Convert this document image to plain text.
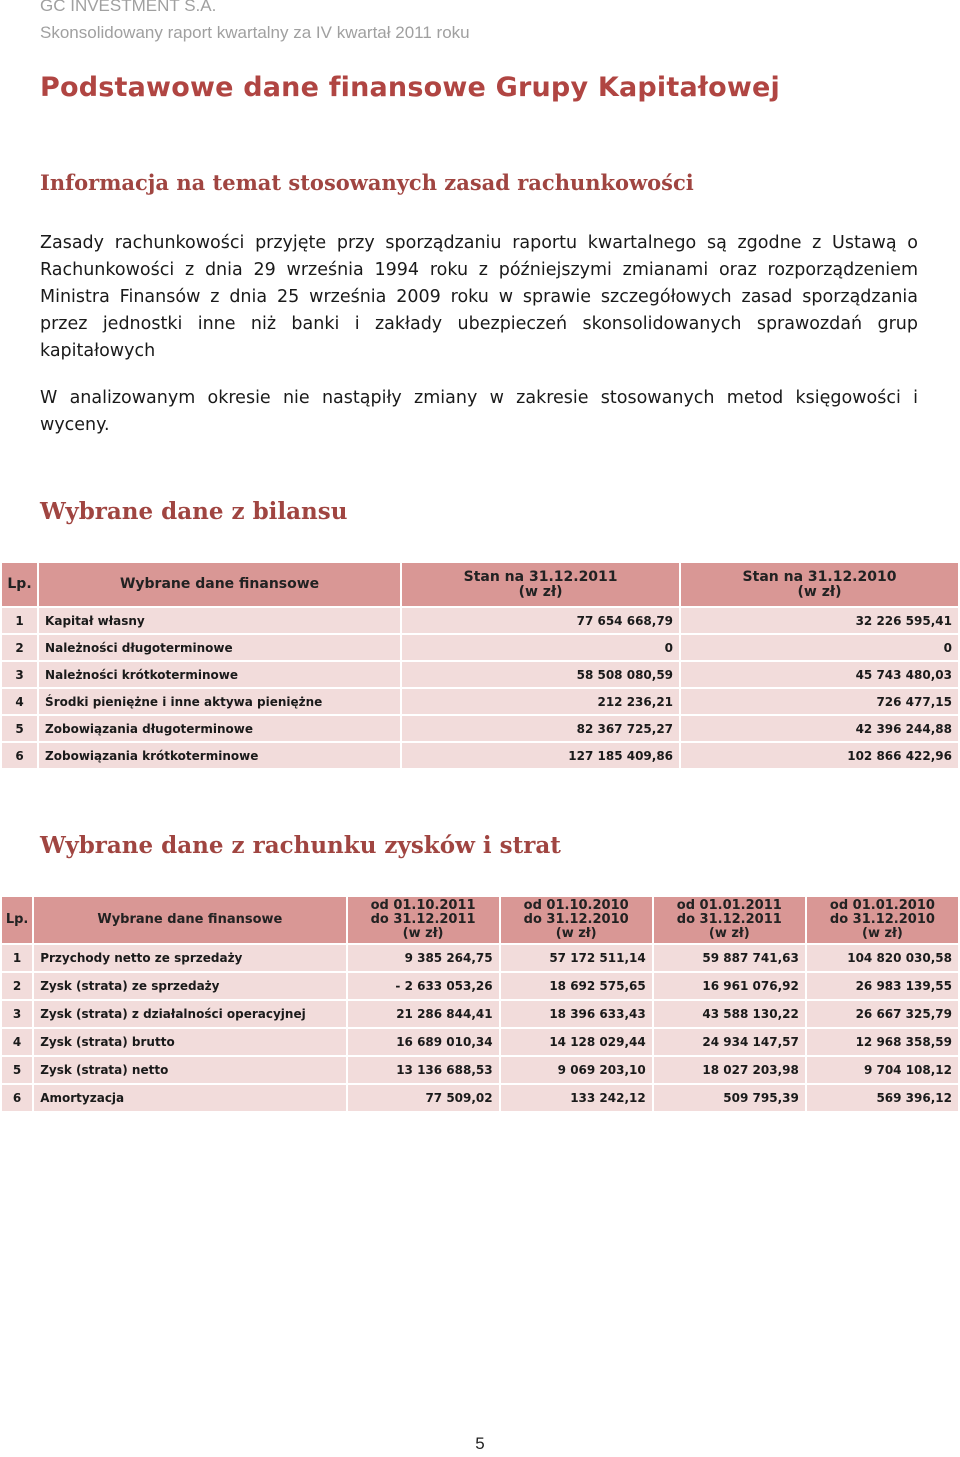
GC INVESTMENT S.A.
Skonsolidowany raport kwartalny za IV kwartał 2011 roku
Podstawowe dane finansowe Grupy Kapitałowej
Informacja na temat stosowanych zasad rachunkowości

Zasady rachunkowości przyjęte przy sporządzaniu raportu kwartalnego są zgodne z Ustawą o Rachunkowości z dnia 29 września 1994 roku z późniejszymi zmianami oraz rozporządzeniem Ministra Finansów z dnia 25 września 2009 roku w sprawie szczegółowych zasad sporządzania przez jednostki inne niż banki i zakłady ubezpieczeń skonsolidowanych sprawozdań grup kapitałowych

W analizowanym okresie nie nastąpiły zmiany w zakresie stosowanych metod księgowości i wyceny.

Wybrane dane z bilansu
Lp.	Wybrane dane finansowe	Stan na 31.12.2011
(w zł)	Stan na 31.12.2010
(w zł)

1	Kapitał własny	77 654 668,79	32 226 595,41
2	Należności długoterminowe	0	0
3	Należności krótkoterminowe	58 508 080,59	45 743 480,03
4	Środki pieniężne i inne aktywa pieniężne	212 236,21	726 477,15
5	Zobowiązania długoterminowe	82 367 725,27	42 396 244,88
6	Zobowiązania krótkoterminowe	127 185 409,86	102 866 422,96
Wybrane dane z rachunku zysków i strat
Lp.	Wybrane dane finansowe	od 01.10.2011
do 31.12.2011
(w zł)	od 01.10.2010
do 31.12.2010
(w zł)	od 01.01.2011
do 31.12.2011
(w zł)	od 01.01.2010
do 31.12.2010
(w zł)

1	Przychody netto ze sprzedaży	9 385 264,75	57 172 511,14	59 887 741,63	104 820 030,58
2	Zysk (strata) ze sprzedaży	- 2 633 053,26	18 692 575,65	16 961 076,92	26 983 139,55
3	Zysk (strata) z działalności operacyjnej	21 286 844,41	18 396 633,43	43 588 130,22	26 667 325,79
4	Zysk (strata) brutto	16 689 010,34	14 128 029,44	24 934 147,57	12 968 358,59
5	Zysk (strata) netto	13 136 688,53	9 069 203,10	18 027 203,98	9 704 108,12
6	Amortyzacja	77 509,02	133 242,12	509 795,39	569 396,12
5
